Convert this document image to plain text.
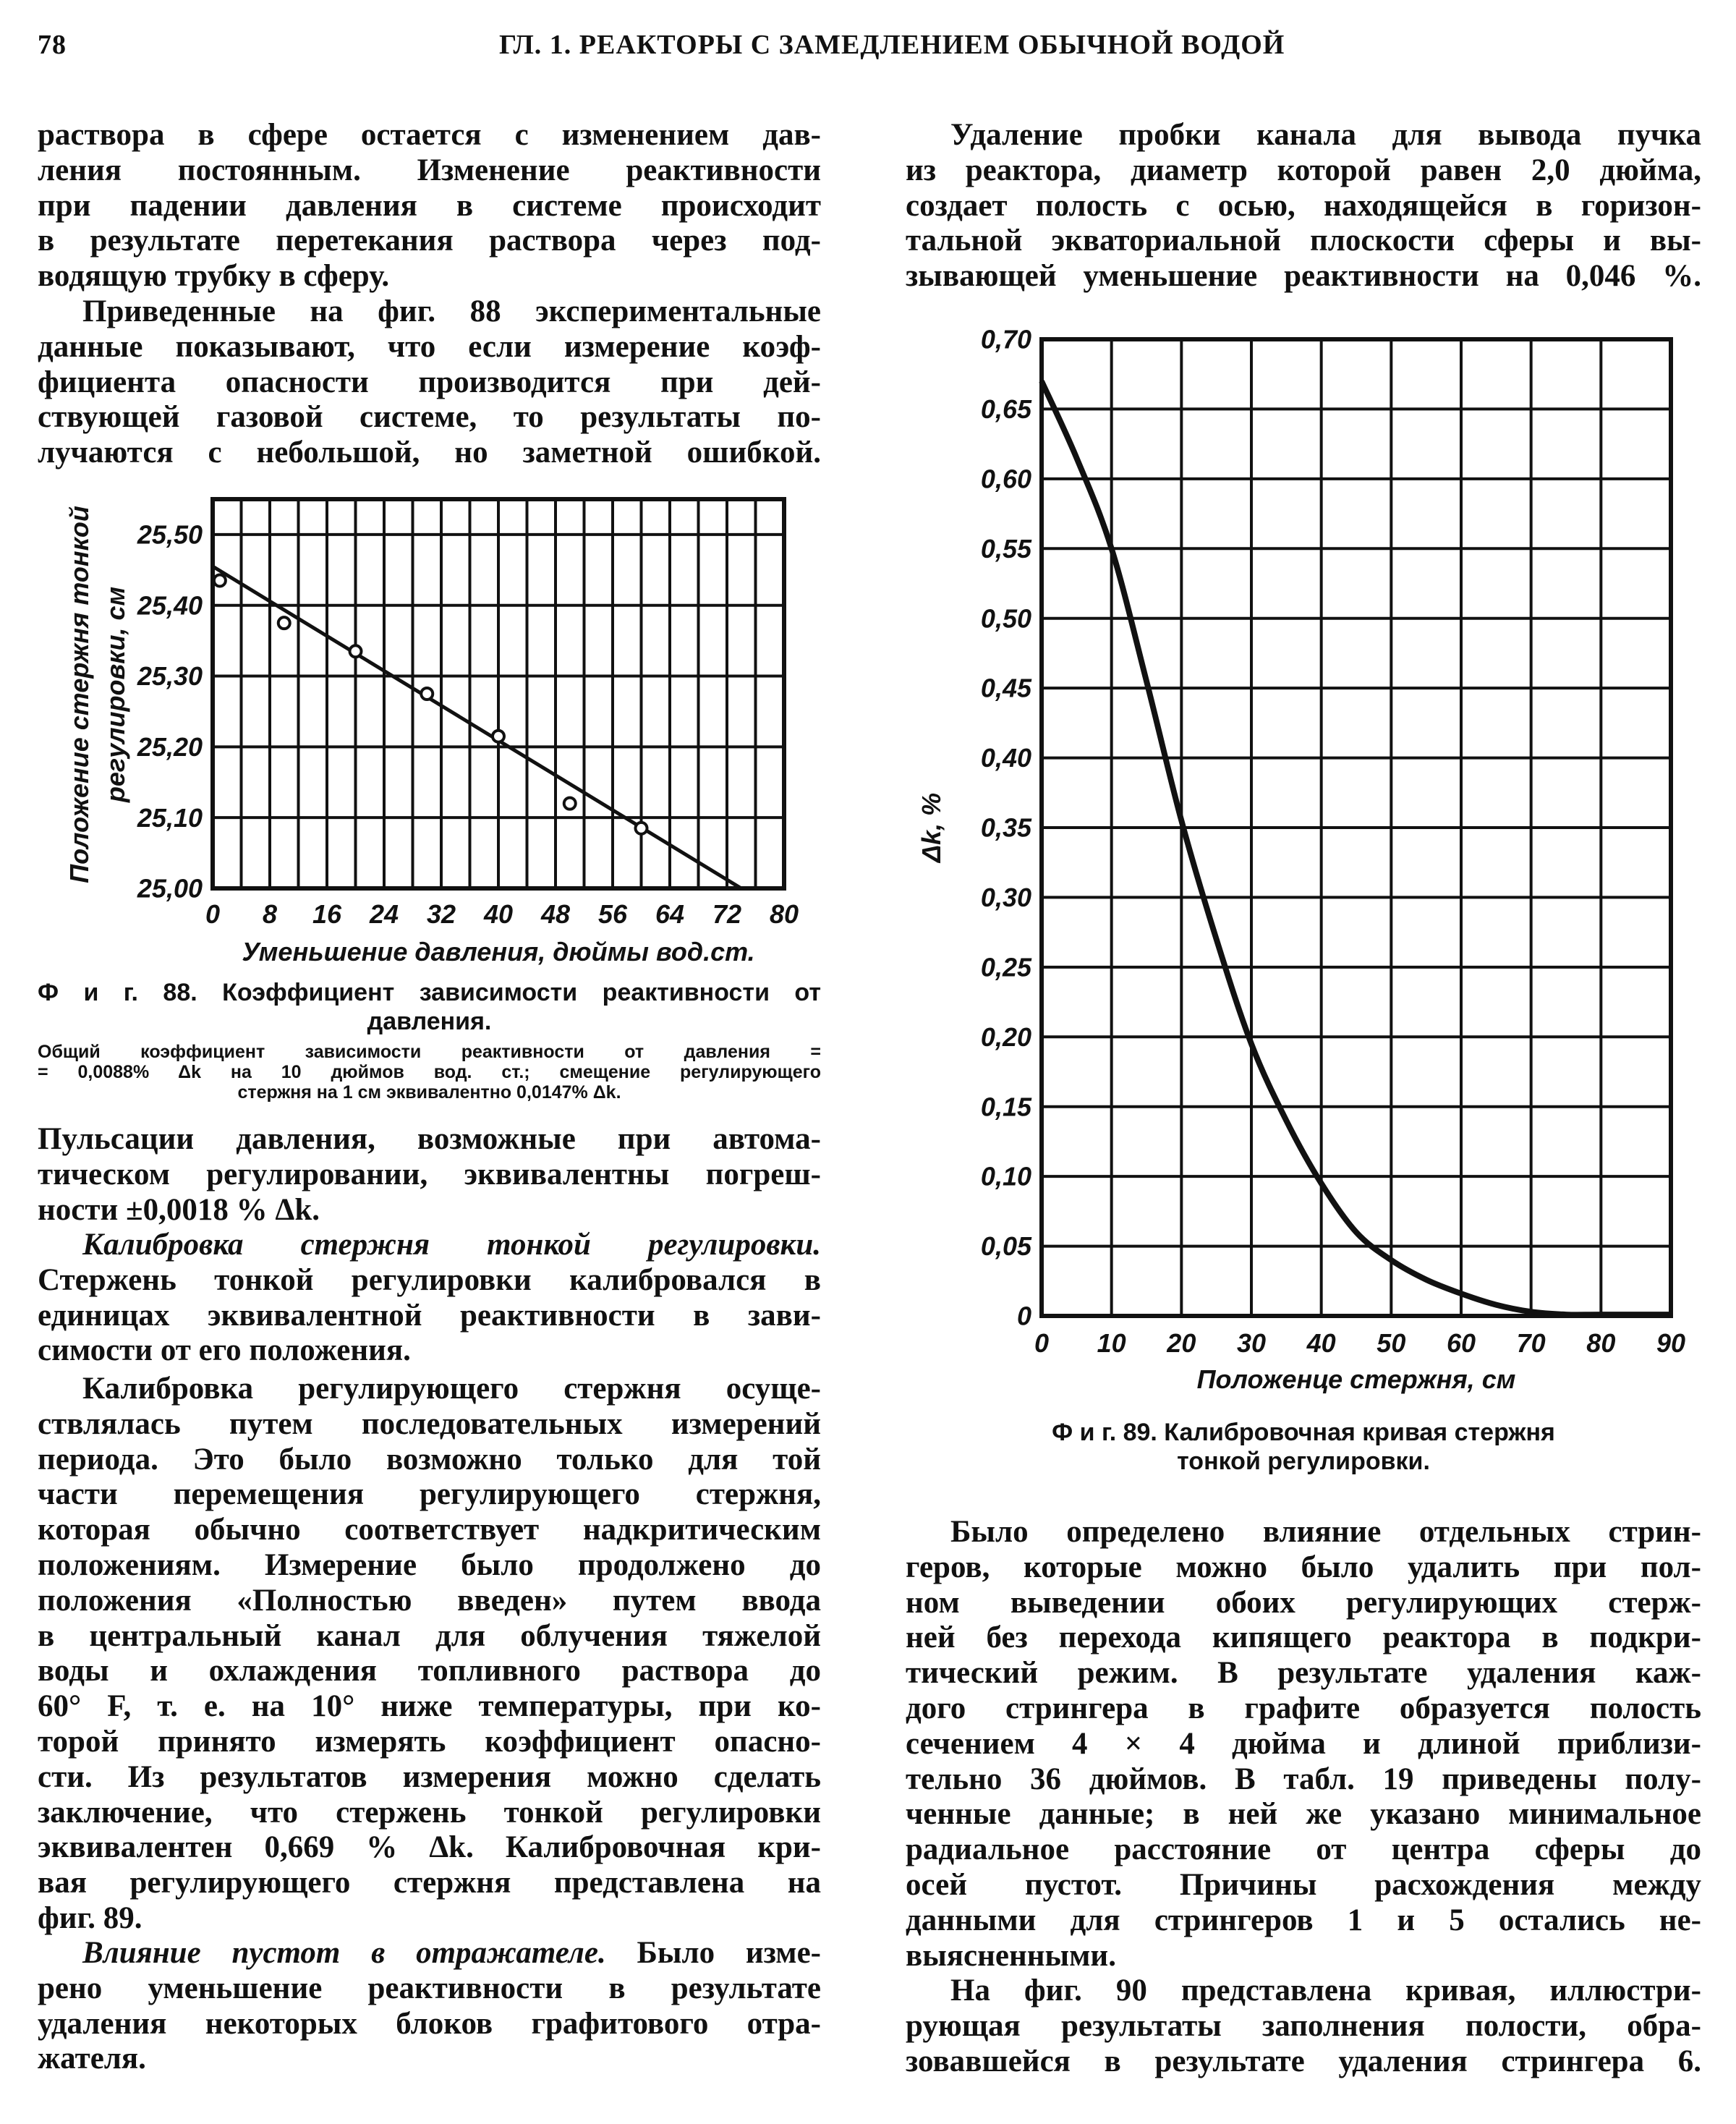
78	ГЛ. 1. РЕАКТОРЫ С ЗАМЕДЛЕНИЕМ ОБЫЧНОЙ ВОДОЙ
раствора в сфере остается с изменением дав-
ления постоянным. Изменение реактивности
при падении давления в системе происходит
в результате перетекания раствора через под-
водящую трубку в сферу.
Приведенные на фиг. 88 экспериментальные
данные показывают, что если измерение коэф-
фициента опасности производится при дей-
ствующей газовой системе, то результаты по-
лучаются с небольшой, но заметной ошибкой.
Ф и г. 88. Коэффициент зависимости реактивности от
давления.
Общий коэффициент зависимости реактивности от давления =
= 0,0088% Δk на 10 дюймов вод. ст.; смещение регулирующего
стержня на 1 см эквивалентно 0,0147% Δk.
Пульсации давления, возможные при автома-
тическом регулировании, эквивалентны погреш-
ности ±0,0018 % Δk.
Калибровка стержня тонкой регулировки.
Стержень тонкой регулировки калибровался в
единицах эквивалентной реактивности в зави-
симости от его положения.
Калибровка регулирующего стержня осуще-
ствлялась путем последовательных измерений
периода. Это было возможно только для той
части перемещения регулирующего стержня,
которая обычно соответствует надкритическим
положениям. Измерение было продолжено до
положения «Полностью введен» путем ввода
в центральный канал для облучения тяжелой
воды и охлаждения топливного раствора до
60° F, т. е. на 10° ниже температуры, при ко-
торой принято измерять коэффициент опасно-
сти. Из результатов измерения можно сделать
заключение, что стержень тонкой регулировки
эквивалентен 0,669 % Δk. Калибровочная кри-
вая регулирующего стержня представлена на
фиг. 89.
Влияние пустот в отражателе. Было изме-
рено уменьшение реактивности в результате
удаления некоторых блоков графитового отра-
жателя.
Удаление пробки канала для вывода пучка
из реактора, диаметр которой равен 2,0 дюйма,
создает полость с осью, находящейся в горизон-
тальной экваториальной плоскости сферы и вы-
зывающей уменьшение реактивности на 0,046 %.
Ф и г. 89. Калибровочная кривая стержня
тонкой регулировки.
Было определено влияние отдельных стрин-
геров, которые можно было удалить при пол-
ном выведении обоих регулирующих стерж-
ней без перехода кипящего реактора в подкри-
тический режим. В результате удаления каж-
дого стрингера в графите образуется полость
сечением 4 × 4 дюйма и длиной приблизи-
тельно 36 дюймов. В табл. 19 приведены полу-
ченные данные; в ней же указано минимальное
радиальное расстояние от центра сферы до
осей пустот. Причины расхождения между
данными для стрингеров 1 и 5 остались не-
выясненными.
На фиг. 90 представлена кривая, иллюстри-
рующая результаты заполнения полости, обра-
зовавшейся в результате удаления стрингера 6.
0 8 16 24 32 40 48 56 64 72 80
25,00
25,10
25,20
25,30
25,40
25,50
Уменьшение давления, дюймы вод.ст.
Положение стержня тонкой регулировки, см
0 10 20 30 40 50 60 70 80 90
0
0,05
0,10
0,15
0,20
0,25
0,30
0,35
0,40
0,45
0,50
0,55
0,60
0,65
0,70
Положенце стержня, см
Δk, %
